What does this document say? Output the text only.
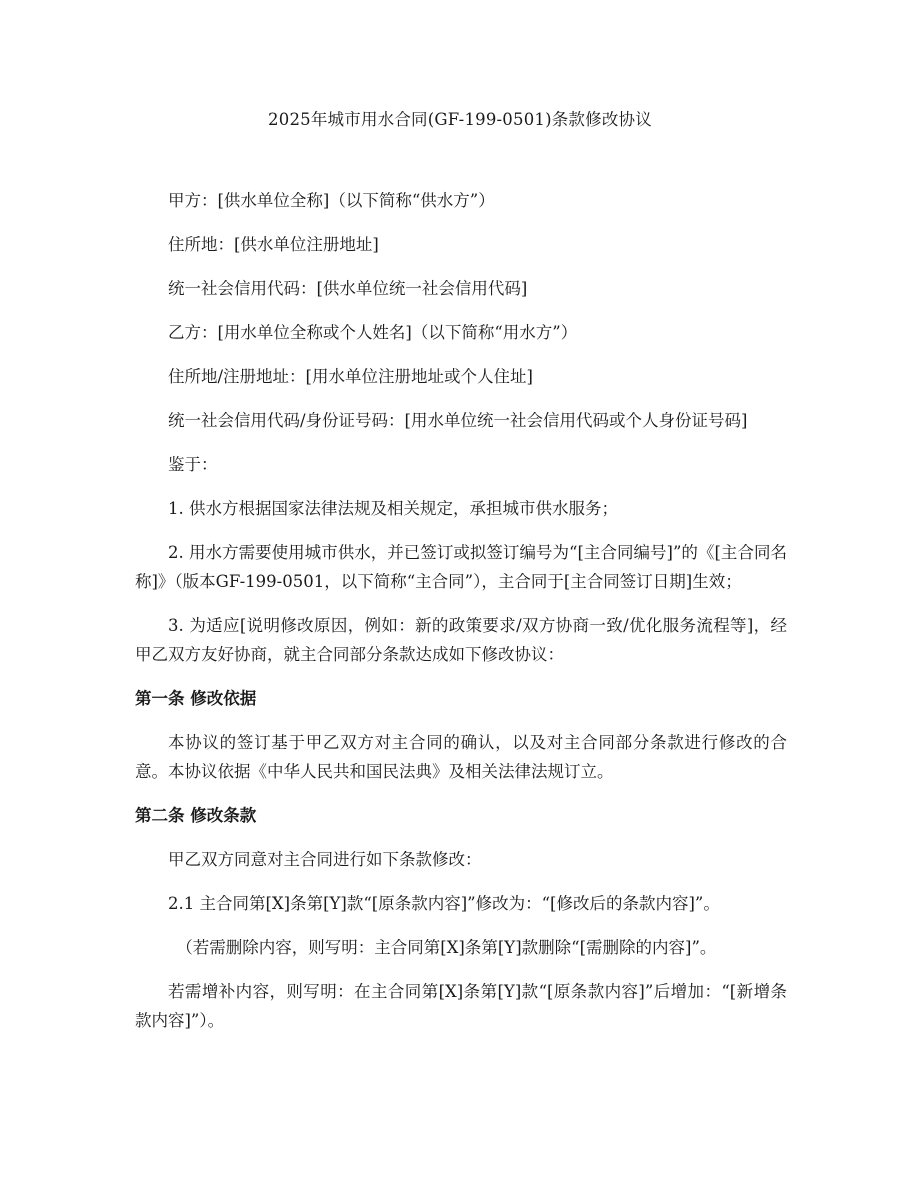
2025年城市用水合同(GF-199-0501)条款修改协议

甲方：[供水单位全称]（以下简称“供水方”）

住所地：[供水单位注册地址]

统一社会信用代码：[供水单位统一社会信用代码]

乙方：[用水单位全称或个人姓名]（以下简称“用水方”）

住所地/注册地址：[用水单位注册地址或个人住址]

统一社会信用代码/身份证号码：[用水单位统一社会信用代码或个人身份证号码]

鉴于：

1. 供水方根据国家法律法规及相关规定，承担城市供水服务；

2. 用水方需要使用城市供水，并已签订或拟签订编号为“[主合同编号]”的《[主合同名称]》（版本GF-199-0501，以下简称“主合同”），主合同于[主合同签订日期]生效；

3. 为适应[说明修改原因，例如：新的政策要求/双方协商一致/优化服务流程等]，经甲乙双方友好协商，就主合同部分条款达成如下修改协议：

第一条 修改依据

本协议的签订基于甲乙双方对主合同的确认，以及对主合同部分条款进行修改的合意。本协议依据《中华人民共和国民法典》及相关法律法规订立。

第二条 修改条款

甲乙双方同意对主合同进行如下条款修改：

2.1 主合同第[X]条第[Y]款“[原条款内容]”修改为：“[修改后的条款内容]”。

（若需删除内容，则写明：主合同第[X]条第[Y]款删除“[需删除的内容]”。

若需增补内容，则写明：在主合同第[X]条第[Y]款“[原条款内容]”后增加：“[新增条款内容]”）。
